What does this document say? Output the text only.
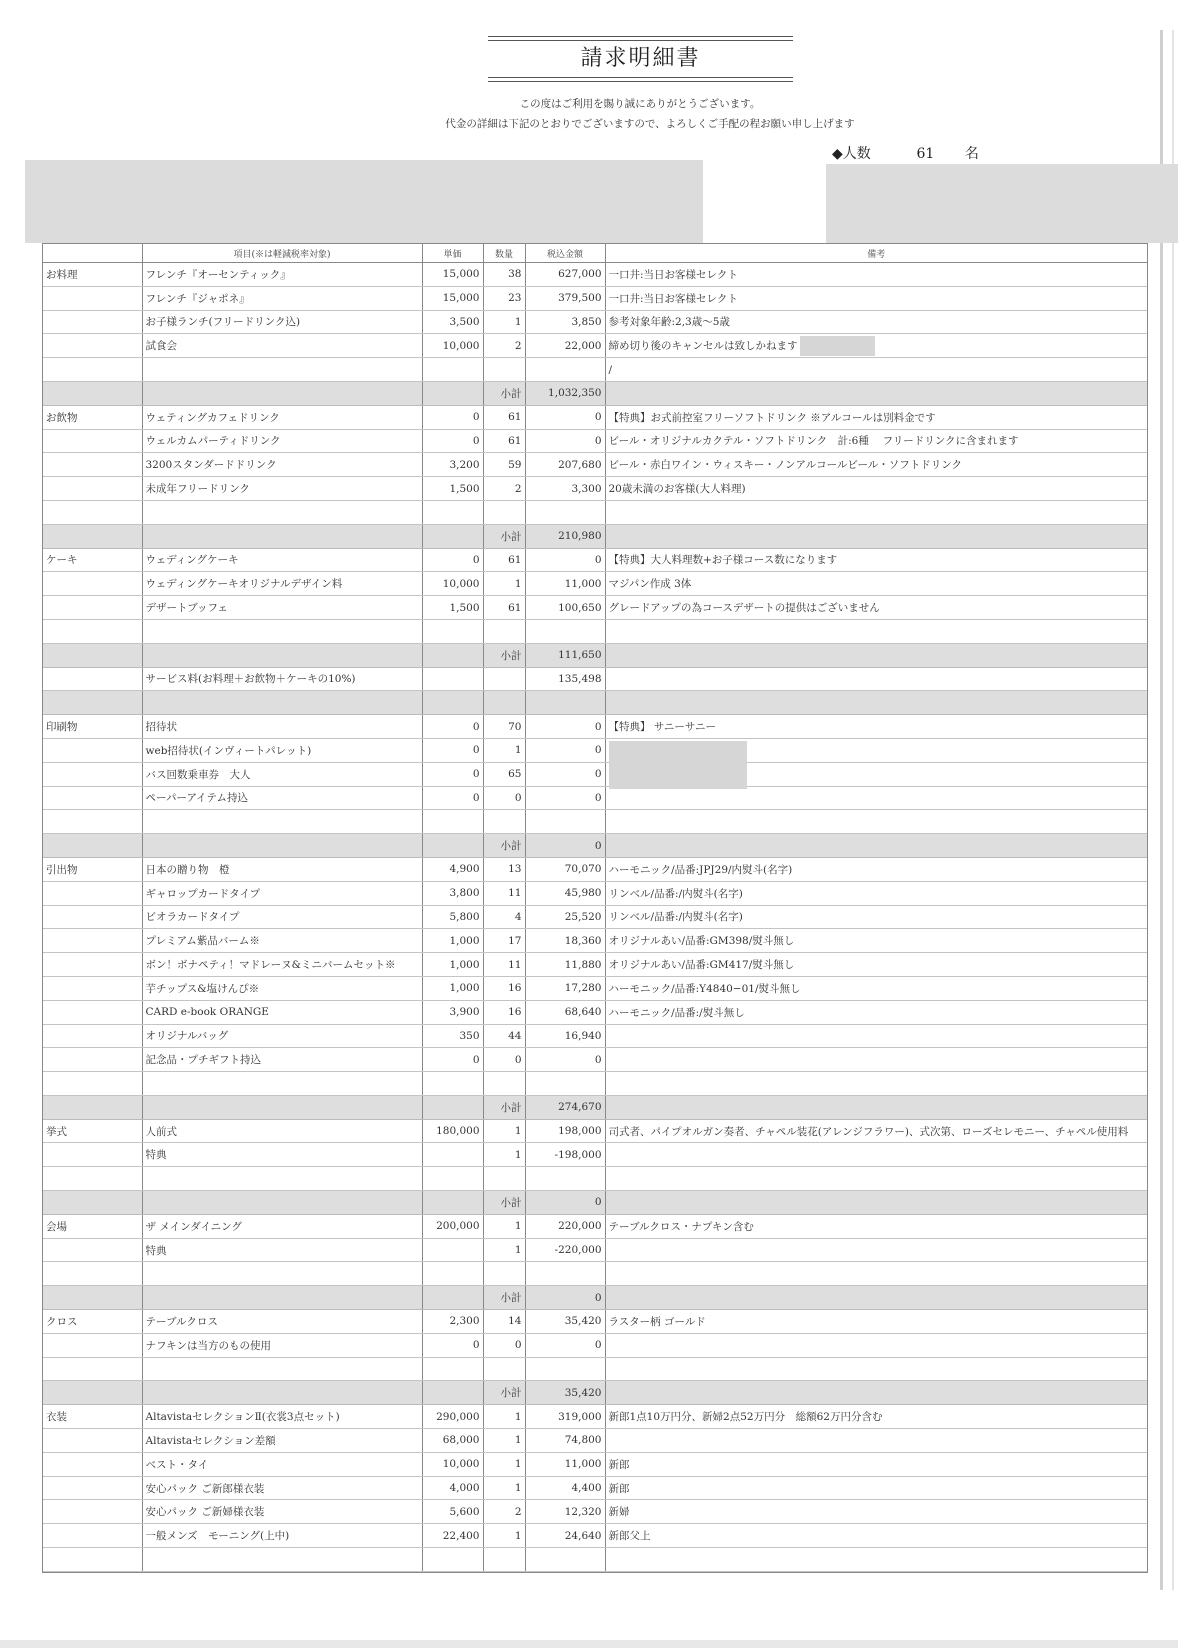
請求明細書
この度はご利用を賜り誠にありがとうございます。
代金の詳細は下記のとおりでございますので、よろしくご手配の程お願い申し上げます
◆人数	61 名
	項目(※は軽減税率対象)	単価	数量	税込金額	備考
お料理	フレンチ『オーセンティック』	15,000	38	627,000	一口井:当日お客様セレクト
	フレンチ『ジャポネ』	15,000	23	379,500	一口井:当日お客様セレクト
	お子様ランチ(フリードリンク込)	3,500	1	3,850	参考対象年齢:2,3歳〜5歳
	試食会	10,000	2	22,000	締め切り後のキャンセルは致しかねます
					/
			小計	1,032,350	
お飲物	ウェティングカフェドリンク	0	61	0	【特典】お式前控室フリーソフトドリンク ※アルコールは別料金です
	ウェルカムパーティドリンク	0	61	0	ビール・オリジナルカクテル・ソフトドリンク　計:6種　 フリードリンクに含まれます
	3200スタンダードドリンク	3,200	59	207,680	ビール・赤白ワイン・ウィスキー・ノンアルコールビール・ソフトドリンク
	未成年フリードリンク	1,500	2	3,300	20歳未満のお客様(大人料理)

			小計	210,980	
ケーキ	ウェディングケーキ	0	61	0	【特典】大人料理数+お子様コース数になります
	ウェディングケーキオリジナルデザイン料	10,000	1	11,000	マジパン作成 3体
	デザートブッフェ	1,500	61	100,650	グレードアップの為コースデザートの提供はございません

			小計	111,650	
	サービス料(お料理＋お飲物＋ケーキの10%)			135,498	

印刷物	招待状	0	70	0	【特典】 サニーサニー
	web招待状(インヴィートパレット)	0	1	0	
	バス回数乗車券　大人	0	65	0	

	ペーパーアイテム持込	0	0	0	

			小計	0	
引出物	日本の贈り物　橙	4,900	13	70,070	ハーモニック/品番:JPJ29/内熨斗(名字)
	ギャロップカードタイプ	3,800	11	45,980	リンベル/品番:/内熨斗(名字)
	ビオラカードタイプ	5,800	4	25,520	リンベル/品番:/内熨斗(名字)
	プレミアム紫品バーム※	1,000	17	18,360	オリジナルあい/品番:GM398/熨斗無し
	ボン！ボナペティ！マドレーヌ&ミニバームセット※	1,000	11	11,880	オリジナルあい/品番:GM417/熨斗無し
	芋チップス&塩けんぴ※	1,000	16	17,280	ハーモニック/品番:Y4840−01/熨斗無し
	CARD e-book ORANGE	3,900	16	68,640	ハーモニック/品番:/熨斗無し
	オリジナルバッグ	350	44	16,940	
	記念品・プチギフト持込	0	0	0	

			小計	274,670	
挙式	人前式	180,000	1	198,000	司式者、パイプオルガン奏者、チャペル装花(アレンジフラワー)、式次第、ローズセレモニー、チャペル使用料
	特典		1	-198,000	

			小計	0	
会場	ザ メインダイニング	200,000	1	220,000	テーブルクロス・ナプキン含む
	特典		1	-220,000	

			小計	0	
クロス	テーブルクロス	2,300	14	35,420	ラスター柄 ゴールド
	ナフキンは当方のもの使用	0	0	0	

			小計	35,420	
衣装	AltavistaセレクションⅡ(衣裳3点セット)	290,000	1	319,000	新郎1点10万円分、新婦2点52万円分　総額62万円分含む
	Altavistaセレクション差額	68,000	1	74,800	
	ベスト・タイ	10,000	1	11,000	新郎
	安心パック ご新郎様衣装	4,000	1	4,400	新郎
	安心パック ご新婦様衣装	5,600	2	12,320	新婦
	一般メンズ　モーニング(上中)	22,400	1	24,640	新郎父上
